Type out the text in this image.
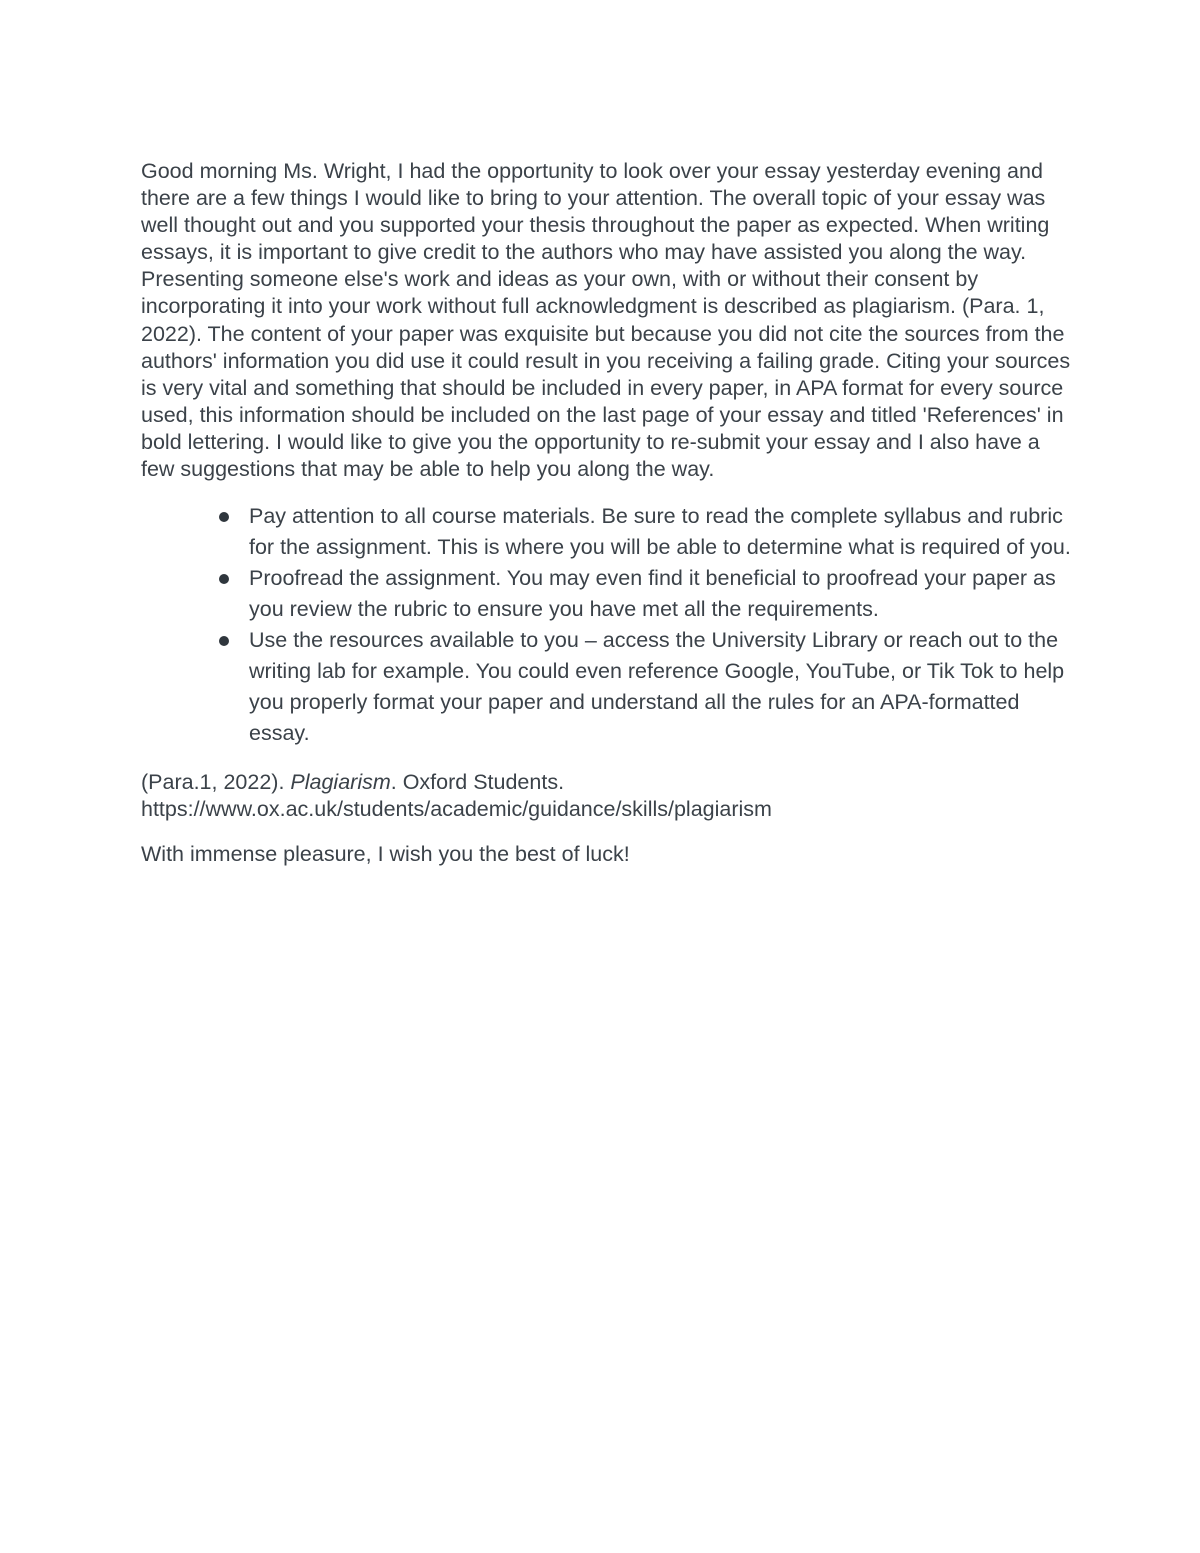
Good morning Ms. Wright, I had the opportunity to look over your essay yesterday evening and there are a few things I would like to bring to your attention. The overall topic of your essay was well thought out and you supported your thesis throughout the paper as expected. When writing essays, it is important to give credit to the authors who may have assisted you along the way. Presenting someone else's work and ideas as your own, with or without their consent by incorporating it into your work without full acknowledgment is described as plagiarism. (Para. 1, 2022). The content of your paper was exquisite but because you did not cite the sources from the authors' information you did use it could result in you receiving a failing grade. Citing your sources is very vital and something that should be included in every paper, in APA format for every source used, this information should be included on the last page of your essay and titled 'References' in bold lettering. I would like to give you the opportunity to re-submit your essay and I also have a few suggestions that may be able to help you along the way.

Pay attention to all course materials. Be sure to read the complete syllabus and rubric for the assignment. This is where you will be able to determine what is required of you.
Proofread the assignment. You may even find it beneficial to proofread your paper as you review the rubric to ensure you have met all the requirements.
Use the resources available to you – access the University Library or reach out to the writing lab for example. You could even reference Google, YouTube, or Tik Tok to help you properly format your paper and understand all the rules for an APA-formatted essay.

(Para.1, 2022). Plagiarism. Oxford Students.
https://www.ox.ac.uk/students/academic/guidance/skills/plagiarism

With immense pleasure, I wish you the best of luck!
